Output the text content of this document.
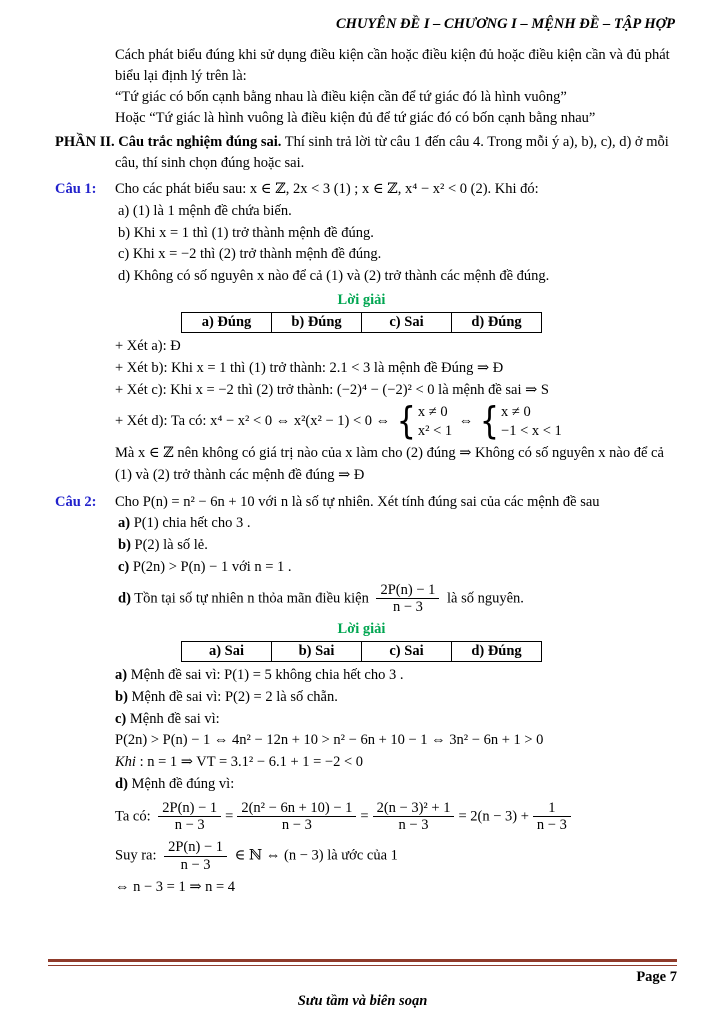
CHUYÊN ĐỀ I – CHƯƠNG I – MỆNH ĐỀ – TẬP HỢP

Cách phát biểu đúng khi sử dụng điều kiện cần hoặc điều kiện đủ hoặc điều kiện cần và đủ phát biểu lại định lý trên là:

“Tứ giác có bốn cạnh bằng nhau là điều kiện cần để tứ giác đó là hình vuông”

Hoặc “Tứ giác là hình vuông là điều kiện đủ để tứ giác đó có bốn cạnh bằng nhau”

PHẦN II. Câu trắc nghiệm đúng sai. Thí sinh trả lời từ câu 1 đến câu 4. Trong mỗi ý a), b), c), d) ở mỗi câu, thí sinh chọn đúng hoặc sai.

Câu 1:	Cho các phát biểu sau: x ∈ ℤ, 2x < 3 (1) ; x ∈ ℤ, x⁴ − x² < 0 (2). Khi đó:

a) (1) là 1 mệnh đề chứa biến.

b) Khi x = 1 thì (1) trở thành mệnh đề đúng.

c) Khi x = −2 thì (2) trở thành mệnh đề đúng.

d) Không có số nguyên x nào để cả (1) và (2) trở thành các mệnh đề đúng.

Lời giải
a) Đúng	b) Đúng	c) Sai	d) Đúng

+ Xét a): Đ

+ Xét b): Khi x = 1 thì (1) trở thành: 2.1 < 3 là mệnh đề Đúng ⇒ Đ

+ Xét c): Khi x = −2 thì (2) trở thành: (−2)⁴ − (−2)² < 0 là mệnh đề sai ⇒ S

+ Xét d): Ta có: x⁴ − x² < 0 ⇔ x²(x² − 1) < 0 ⇔ { x ≠ 0
x² < 1
⇔ { x ≠ 0
−1 < x < 1

Mà x ∈ ℤ nên không có giá trị nào của x làm cho (2) đúng ⇒ Không có số nguyên x nào để cả (1) và (2) trở thành các mệnh đề đúng ⇒ Đ

Câu 2:	Cho P(n) = n² − 6n + 10 với n là số tự nhiên. Xét tính đúng sai của các mệnh đề sau

a) P(1) chia hết cho 3 .

b) P(2) là số lẻ.

c) P(2n) > P(n) − 1 với n = 1 .

d) Tồn tại số tự nhiên n thỏa mãn điều kiện $\frac{2P(n) - 1}{n - 3}$ là số nguyên.

Lời giải
a) Sai	b) Sai	c) Sai	d) Đúng

a) Mệnh đề sai vì: P(1) = 5 không chia hết cho 3 .

b) Mệnh đề sai vì: P(2) = 2 là số chẵn.

c) Mệnh đề sai vì:

P(2n) > P(n) − 1 ⇔ 4n² − 12n + 10 > n² − 6n + 10 − 1 ⇔ 3n² − 6n + 1 > 0

Khi : n = 1 ⇒ VT = 3.1² − 6.1 + 1 = −2 < 0

d) Mệnh đề đúng vì:

Ta có: $\frac{2P(n) - 1}{n - 3} = \frac{\text{2(n² − 6n + 10) − 1}}{n - 3} = \frac{\text{2(n − 3)² + 1}}{n - 3} = 2(n - 3) + \frac{1}{n - 3}$

Suy ra: $\frac{2P(n) - 1}{n - 3}$ ∈ ℕ ⇔ (n − 3) là ước của 1

⇔ n − 3 = 1 ⇒ n = 4

Page 7
Sưu tầm và biên soạn
